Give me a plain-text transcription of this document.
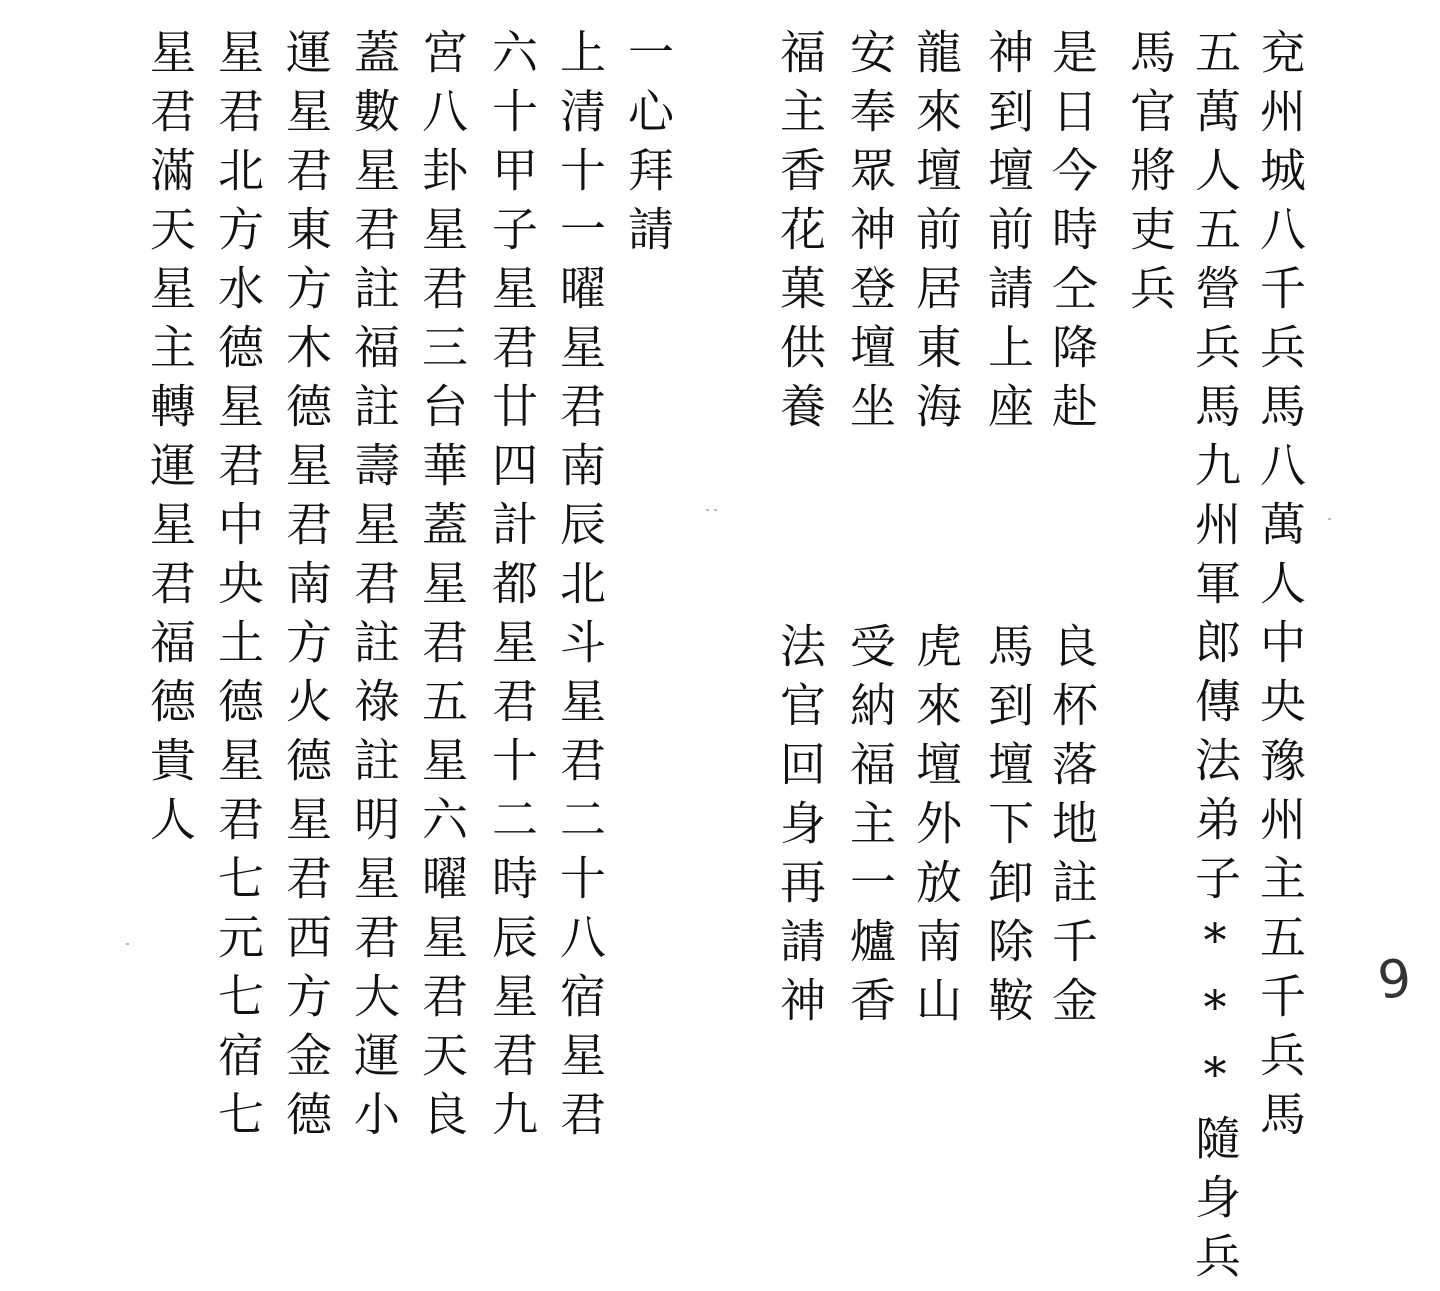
兗州城八千兵馬八萬人中央豫州主五千兵馬
五萬人五營兵馬九州軍郎傳法弟子***隨身兵
馬官將吏兵
是日今時仝降赴
神到壇前請上座
龍來壇前居東海
安奉眾神登壇坐
福主香花菓供養
良杯落地註千金
馬到壇下卸除鞍
虎來壇外放南山
受納福主一爐香
法官回身再請神
一心拜請
上清十一曜星君南辰北斗星君二十八宿星君
六十甲子星君廿四計都星君十二時辰星君九
宮八卦星君三台華蓋星君五星六曜星君天良
蓋數星君註福註壽星君註祿註明星君大運小
運星君東方木德星君南方火德星君西方金德
星君北方水德星君中央土德星君七元七宿七
星君滿天星主轉運星君福德貴人
9
